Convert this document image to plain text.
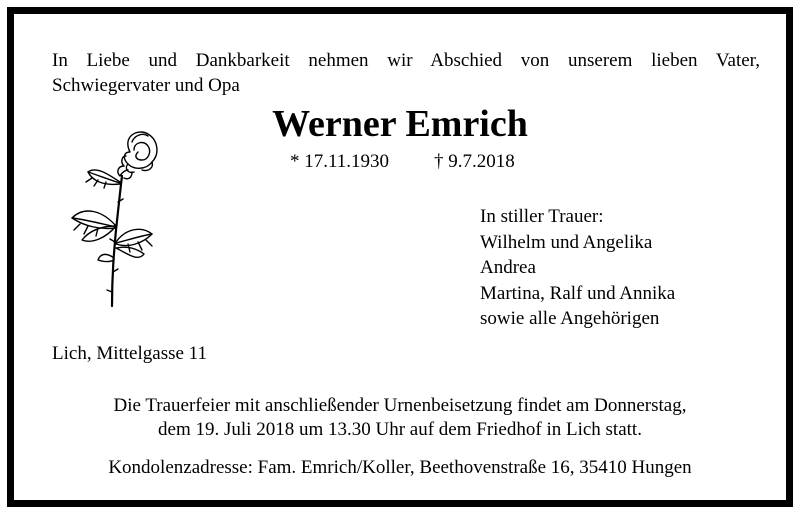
In Liebe und Dankbarkeit nehmen wir Abschied von unserem lieben Vater,
Schwiegervater und Opa

Werner Emrich
* 17.11.1930 † 9.7.2018
In stiller Trauer:
Wilhelm und Angelika
Andrea
Martina, Ralf und Annika
sowie alle Angehörigen
Lich, Mittelgasse 11

Die Trauerfeier mit anschließender Urnenbeisetzung findet am Donnerstag,
dem 19. Juli 2018 um 13.30 Uhr auf dem Friedhof in Lich statt.

Kondolenzadresse: Fam. Emrich/Koller, Beethovenstraße 16, 35410 Hungen
